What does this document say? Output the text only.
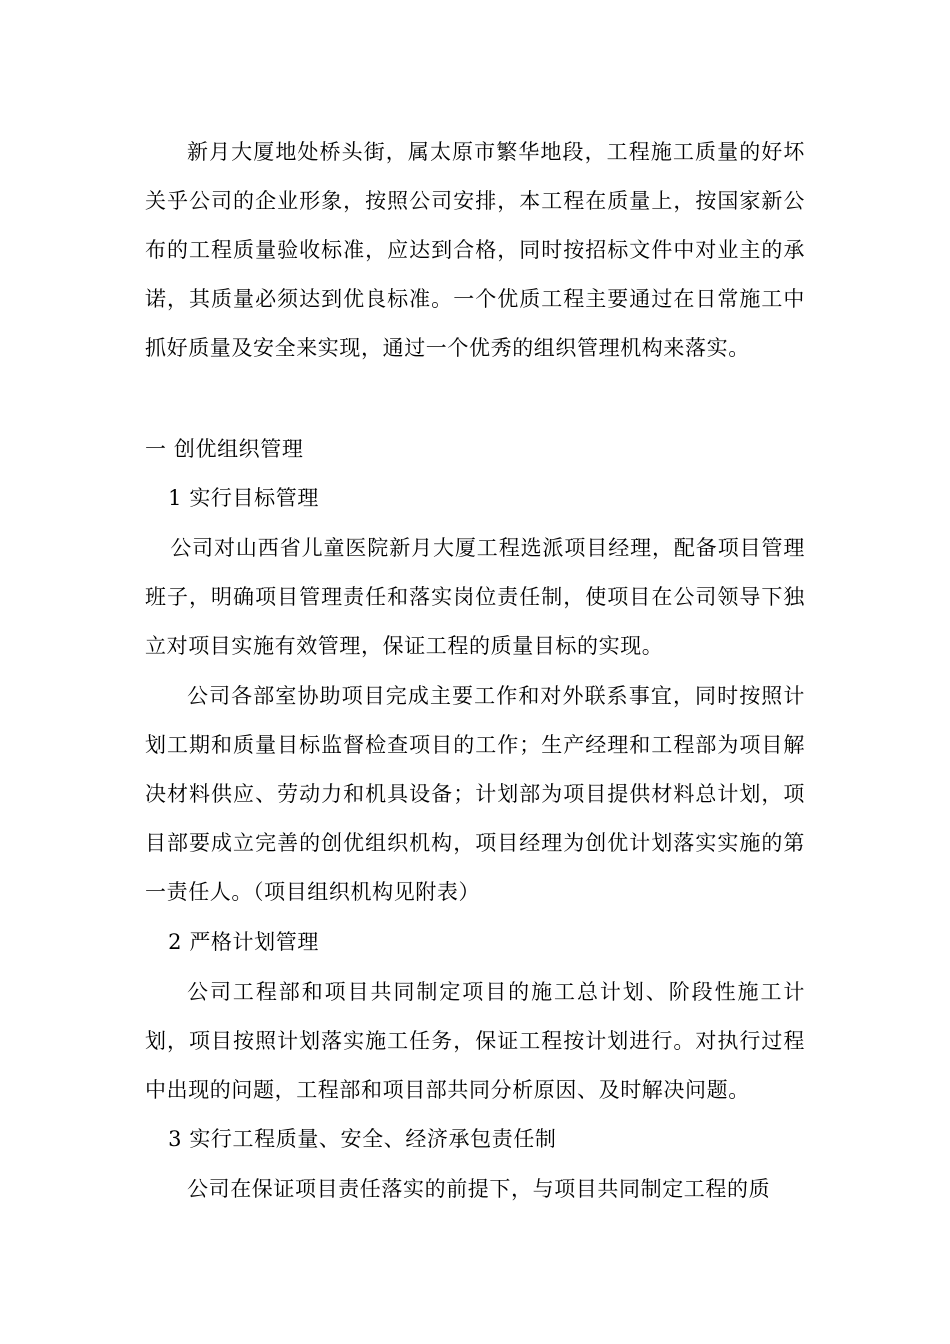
新月大厦地处桥头街，属太原市繁华地段，工程施工质量的好坏关乎公司的企业形象，按照公司安排，本工程在质量上，按国家新公布的工程质量验收标准，应达到合格，同时按招标文件中对业主的承诺，其质量必须达到优良标准。一个优质工程主要通过在日常施工中抓好质量及安全来实现，通过一个优秀的组织管理机构来落实。

一 创优组织管理

1 实行目标管理

公司对山西省儿童医院新月大厦工程选派项目经理，配备项目管理班子，明确项目管理责任和落实岗位责任制，使项目在公司领导下独立对项目实施有效管理，保证工程的质量目标的实现。

公司各部室协助项目完成主要工作和对外联系事宜，同时按照计划工期和质量目标监督检查项目的工作；生产经理和工程部为项目解决材料供应、劳动力和机具设备；计划部为项目提供材料总计划，项目部要成立完善的创优组织机构，项目经理为创优计划落实实施的第一责任人。（项目组织机构见附表）

2 严格计划管理

公司工程部和项目共同制定项目的施工总计划、阶段性施工计划，项目按照计划落实施工任务，保证工程按计划进行。对执行过程中出现的问题，工程部和项目部共同分析原因、及时解决问题。

3 实行工程质量、安全、经济承包责任制

公司在保证项目责任落实的前提下，与项目共同制定工程的质
